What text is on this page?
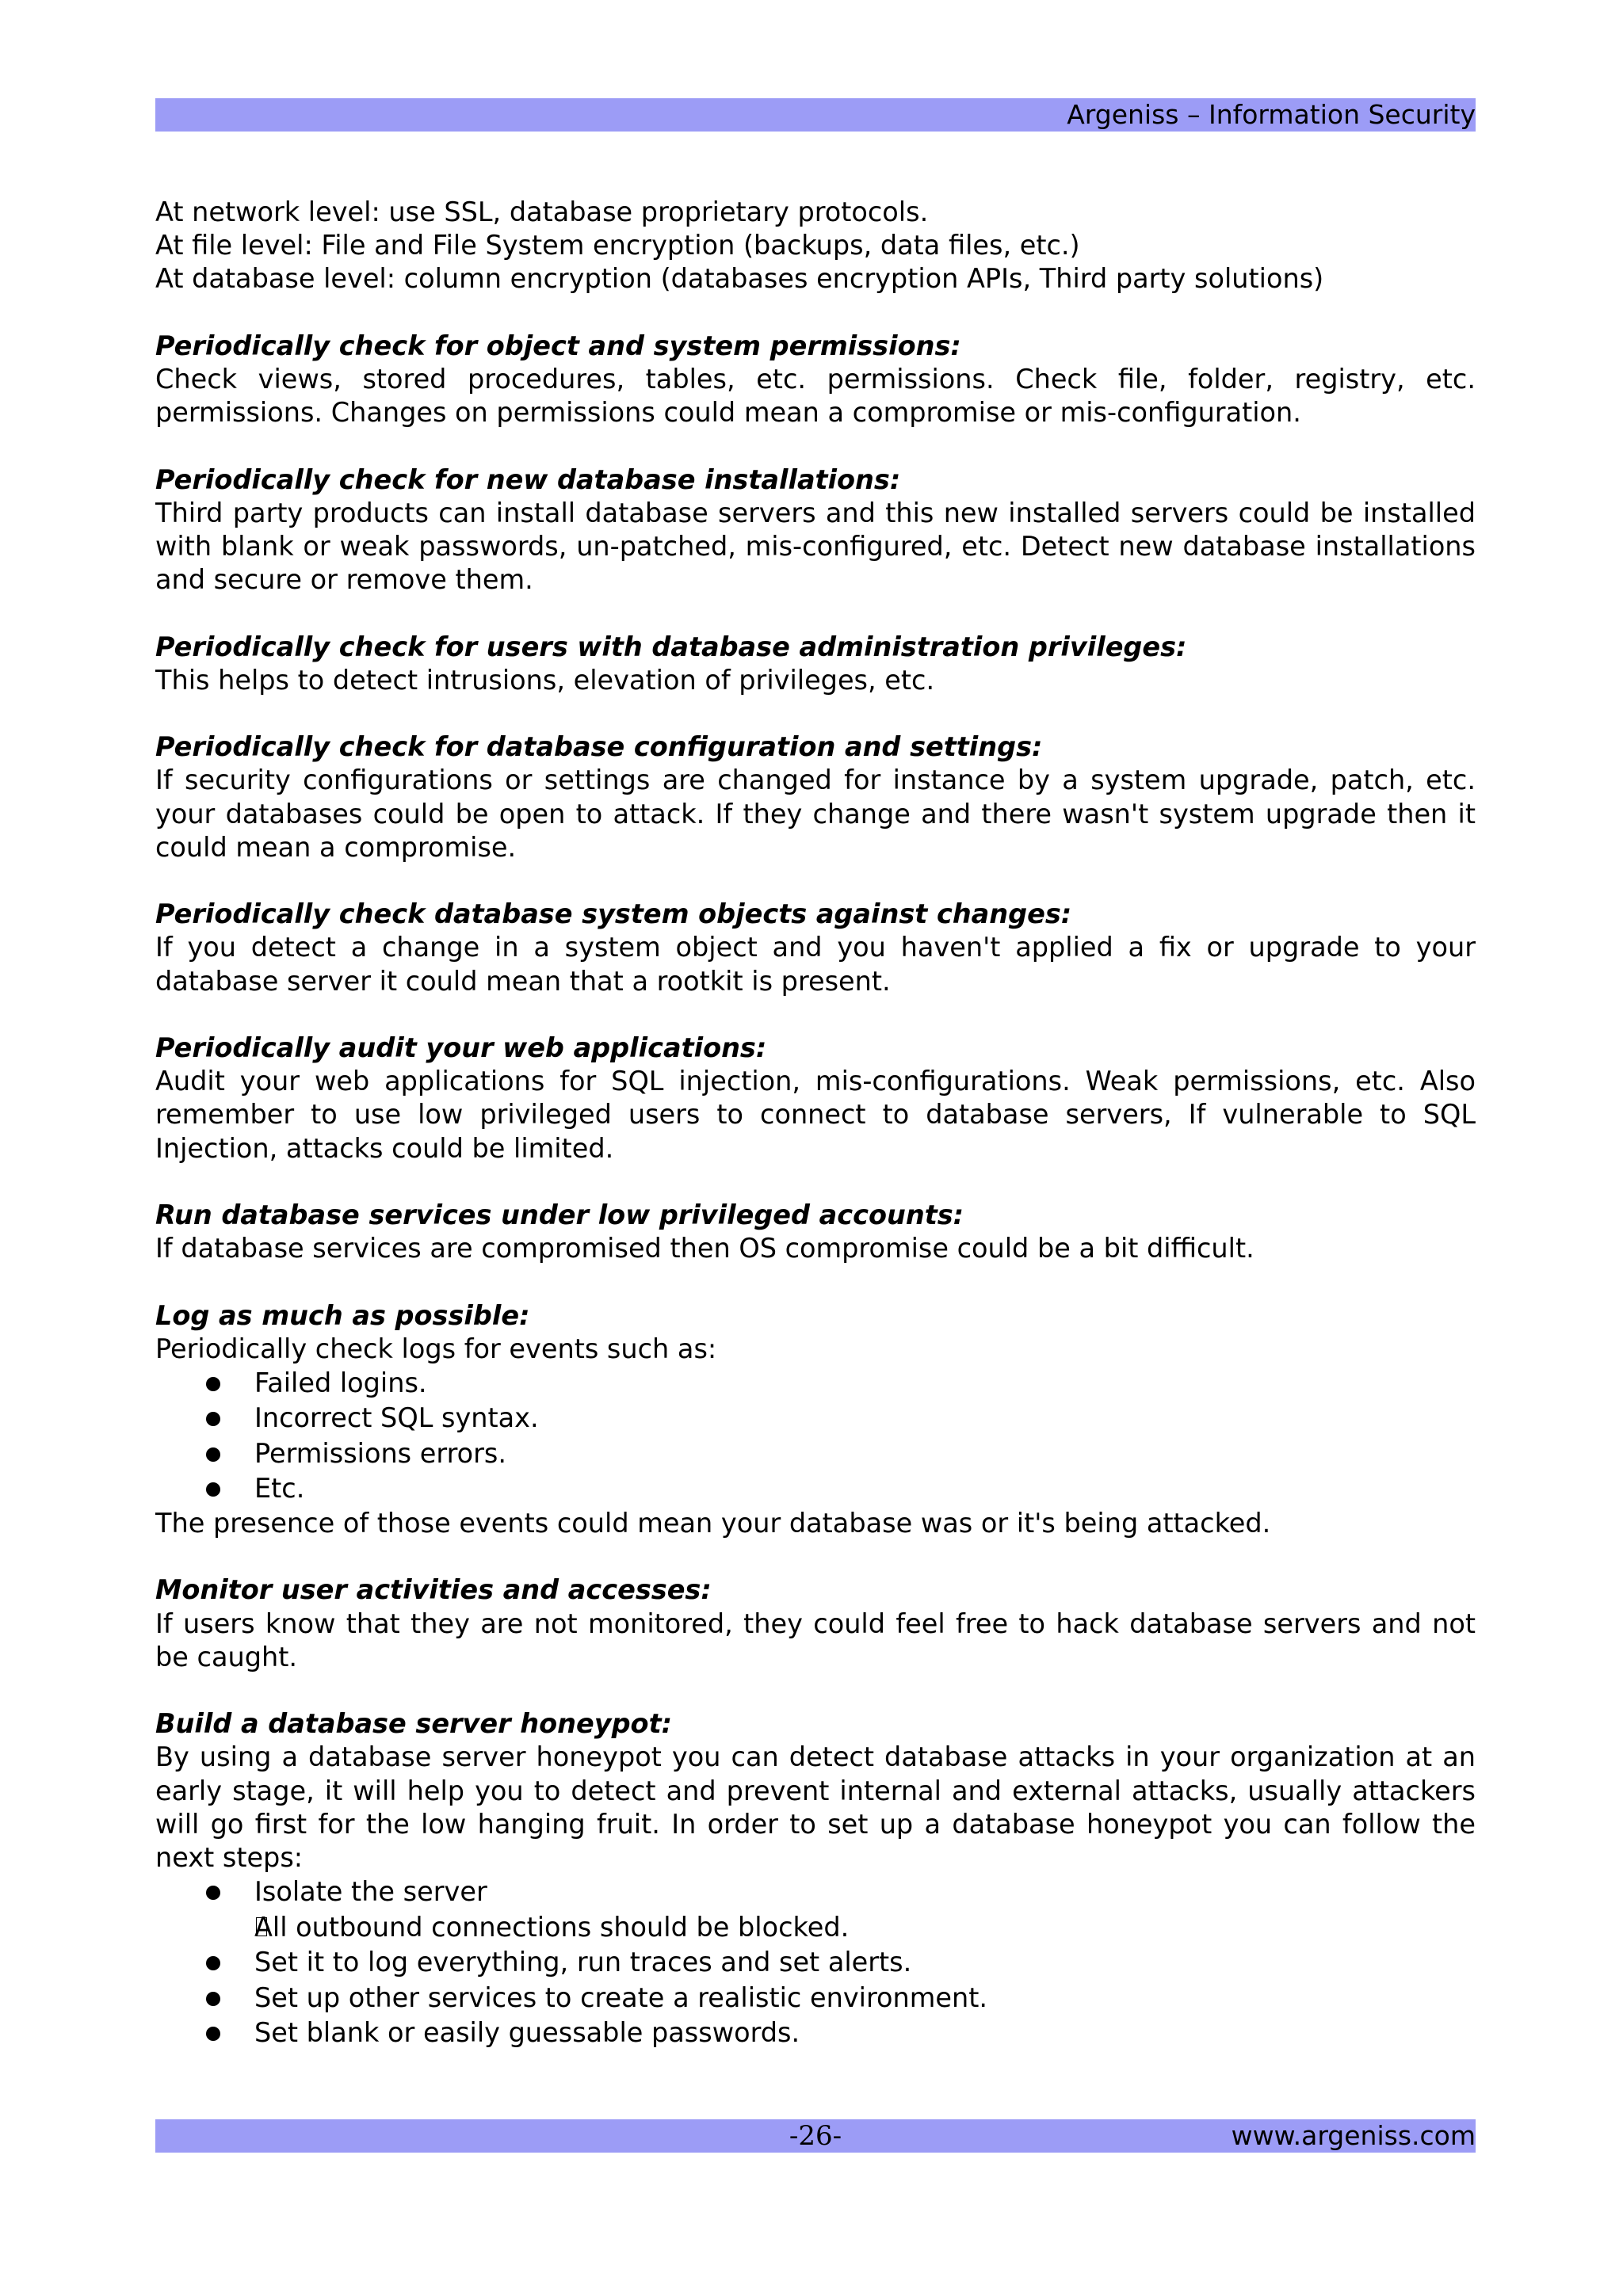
Argeniss – Information Security

At network level: use SSL, database proprietary protocols.

At file level: File and File System encryption (backups, data files, etc.)

At database level: column encryption (databases encryption APIs, Third party solutions)

Periodically check for object and system permissions:

Check views, stored procedures, tables, etc. permissions. Check file, folder, registry, etc. permissions. Changes on permissions could mean a compromise or mis-configuration.

Periodically check for new database installations:

Third party products can install database servers and this new installed servers could be installed with blank or weak passwords, un-patched, mis-configured, etc. Detect new database installations and secure or remove them.

Periodically check for users with database administration privileges:

This helps to detect intrusions, elevation of privileges, etc.

Periodically check for database configuration and settings:

If security configurations or settings are changed for instance by a system upgrade, patch, etc. your databases could be open to attack. If they change and there wasn't system upgrade then it could mean a compromise.

Periodically check database system objects against changes:

If you detect a change in a system object and you haven't applied a fix or upgrade to your database server it could mean that a rootkit is present.

Periodically audit your web applications:

Audit your web applications for SQL injection, mis-configurations. Weak permissions, etc. Also remember to use low privileged users to connect to database servers, If vulnerable to SQL Injection, attacks could be limited.

Run database services under low privileged accounts:

If database services are compromised then OS compromise could be a bit difficult.

Log as much as possible:

Periodically check logs for events such as:

Failed logins.
Incorrect SQL syntax.
Permissions errors.
Etc.

The presence of those events could mean your database was or it's being attacked.

Monitor user activities and accesses:

If users know that they are not monitored, they could feel free to hack database servers and not be caught.

Build a database server honeypot:

By using a database server honeypot you can detect database attacks in your organization at an early stage, it will help you to detect and prevent internal and external attacks, usually attackers will go first for the low hanging fruit. In order to set up a database honeypot you can follow the next steps:

Isolate the server
All outbound connections should be blocked.
Set it to log everything, run traces and set alerts.
Set up other services to create a realistic environment.
Set blank or easily guessable passwords.
-26-	www.argeniss.com
